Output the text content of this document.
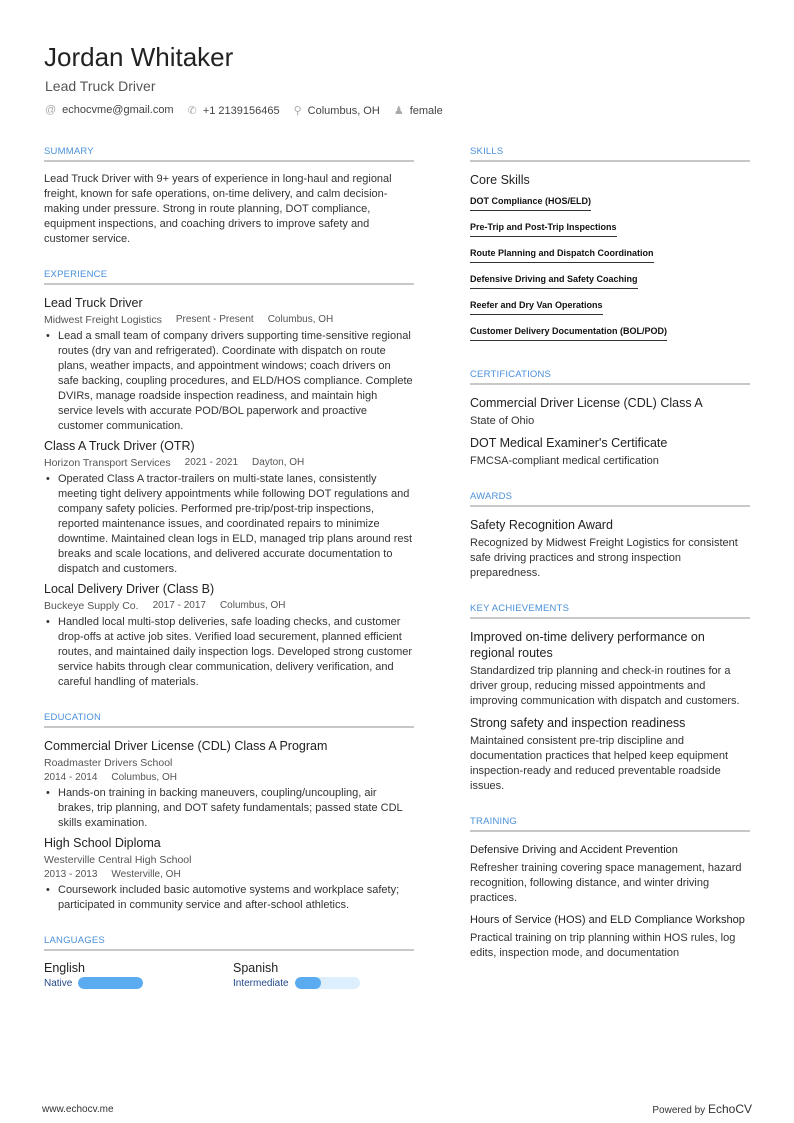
Jordan Whitaker
Lead Truck Driver
@ echocvme@gmail.com ✆ +1 2139156465 ⚲ Columbus, OH ♟ female
SUMMARY
Lead Truck Driver with 9+ years of experience in long-haul and regional freight, known for safe operations, on-time delivery, and calm decision-making under pressure. Strong in route planning, DOT compliance, equipment inspections, and coaching drivers to improve safety and customer service.
EXPERIENCE
Lead Truck Driver
Midwest Freight Logistics Present - Present Columbus, OH
• Lead a small team of company drivers supporting time-sensitive regional routes (dry van and refrigerated). Coordinate with dispatch on route plans, weather impacts, and appointment windows; coach drivers on safe backing, coupling procedures, and ELD/HOS compliance. Complete DVIRs, manage roadside inspection readiness, and maintain high service levels with accurate POD/BOL paperwork and proactive customer communication.
Class A Truck Driver (OTR)
Horizon Transport Services 2021 - 2021 Dayton, OH
• Operated Class A tractor-trailers on multi-state lanes, consistently meeting tight delivery appointments while following DOT regulations and company safety policies. Performed pre-trip/post-trip inspections, reported maintenance issues, and coordinated repairs to minimize downtime. Maintained clean logs in ELD, managed trip plans around rest breaks and scale locations, and delivered accurate documentation to dispatch and customers.
Local Delivery Driver (Class B)
Buckeye Supply Co. 2017 - 2017 Columbus, OH
• Handled local multi-stop deliveries, safe loading checks, and customer drop-offs at active job sites. Verified load securement, planned efficient routes, and maintained daily inspection logs. Developed strong customer service habits through clear communication, delivery verification, and careful handling of materials.
EDUCATION
Commercial Driver License (CDL) Class A Program
Roadmaster Drivers School
2014 - 2014 Columbus, OH
• Hands-on training in backing maneuvers, coupling/uncoupling, air brakes, trip planning, and DOT safety fundamentals; passed state CDL skills examination.
High School Diploma
Westerville Central High School
2013 - 2013 Westerville, OH
• Coursework included basic automotive systems and workplace safety; participated in community service and after-school athletics.
LANGUAGES
English
Native
Spanish
Intermediate
SKILLS
Core Skills
DOT Compliance (HOS/ELD)
Pre-Trip and Post-Trip Inspections
Route Planning and Dispatch Coordination
Defensive Driving and Safety Coaching
Reefer and Dry Van Operations
Customer Delivery Documentation (BOL/POD)
CERTIFICATIONS
Commercial Driver License (CDL) Class A
State of Ohio
DOT Medical Examiner's Certificate
FMCSA-compliant medical certification
AWARDS
Safety Recognition Award
Recognized by Midwest Freight Logistics for consistent safe driving practices and strong inspection preparedness.
KEY ACHIEVEMENTS
Improved on-time delivery performance on regional routes
Standardized trip planning and check-in routines for a driver group, reducing missed appointments and improving communication with dispatch and customers.
Strong safety and inspection readiness
Maintained consistent pre-trip discipline and documentation practices that helped keep equipment inspection-ready and reduced preventable roadside issues.
TRAINING
Defensive Driving and Accident Prevention
Refresher training covering space management, hazard recognition, following distance, and winter driving practices.
Hours of Service (HOS) and ELD Compliance Workshop
Practical training on trip planning within HOS rules, log edits, inspection mode, and documentation
www.echocv.me	Powered by EchoCV
